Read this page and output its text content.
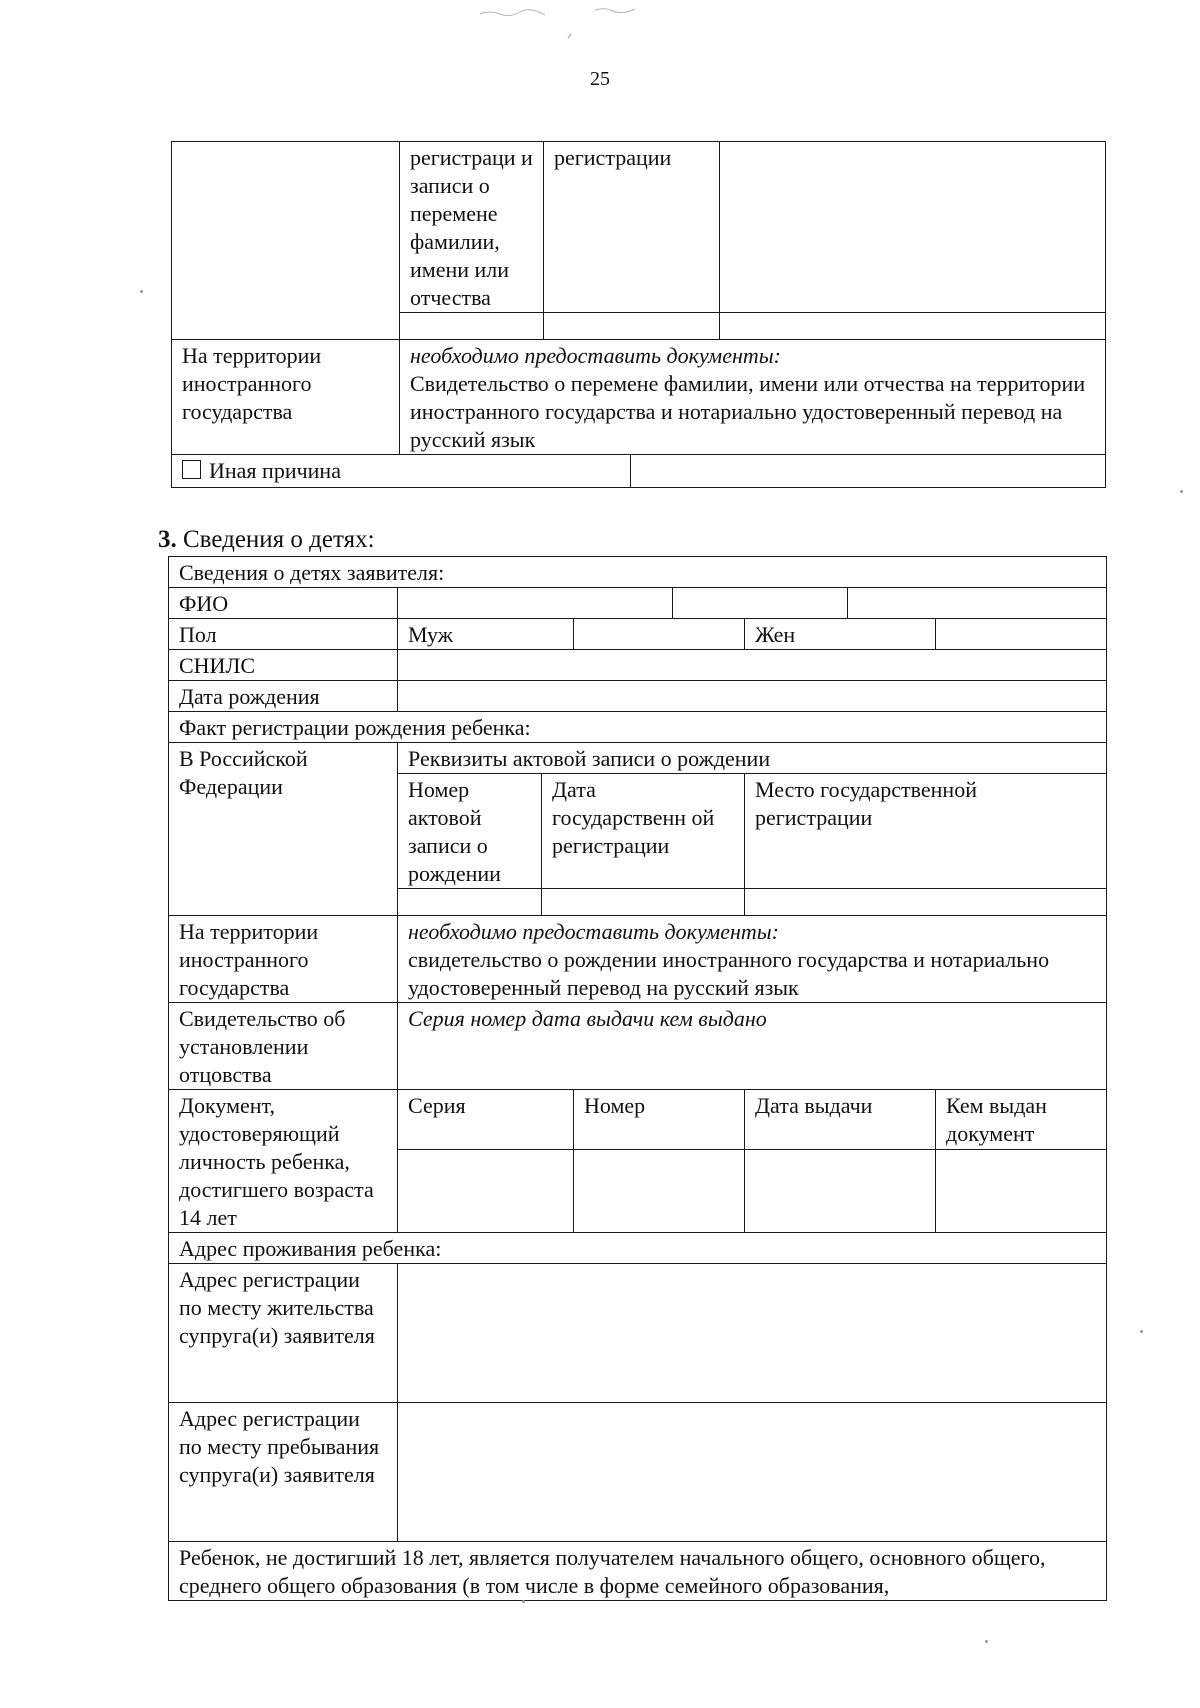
25
	регистраци и записи о перемене фамилии, имени или отчества	регистрации	

На территории иностранного государства	необходимо предоставить документы:
Свидетельство о перемене фамилии, имени или отчества на территории иностранного государства и нотариально удостоверенный перевод на русский язык		
Иная причина	
3. Сведения о детях:
Сведения о детях заявителя:							
ФИО							
Пол	Муж				Жен		
СНИЛС							
Дата рождения							
Факт регистрации рождения ребенка:							
В Российской Федерации	Реквизиты актовой записи о рождении						
	Номер актовой записи о рождении	Дата государственн ой регистрации			Место государственной регистрации		

На территории иностранного государства	необходимо предоставить документы:
свидетельство о рождении иностранного государства и нотариально удостоверенный перевод на русский язык						
Свидетельство об установлении отцовства	Серия номер дата выдачи кем выдано						
Документ, удостоверяющий личность ребенка, достигшего возраста 14 лет	Серия		Номер		Дата выдачи		Кем выдан документ

Адрес проживания ребенка:							
Адрес регистрации по месту жительства супруга(и) заявителя							
Адрес регистрации по месту пребывания супруга(и) заявителя							
Ребенок, не достигший 18 лет, является получателем начального общего, основного общего, среднего общего образования (в том числе в форме семейного образования,							
